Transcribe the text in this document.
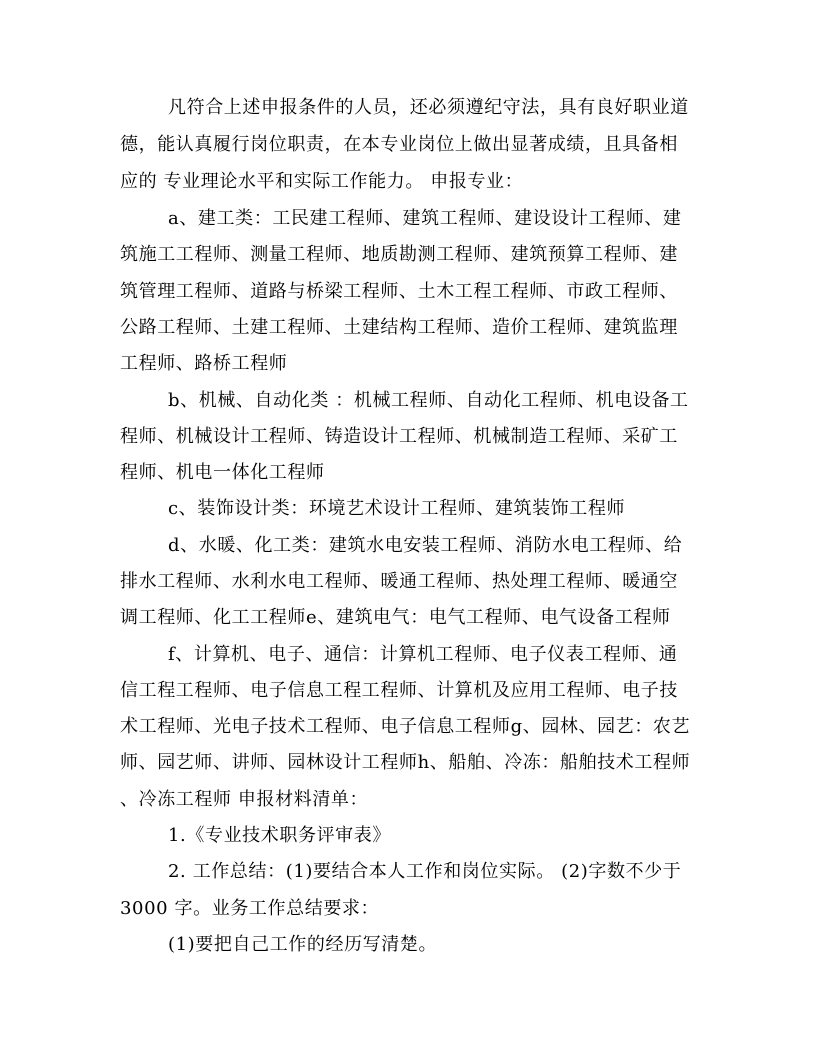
凡符合上述申报条件的人员，还必须遵纪守法，具有良好职业道
德，能认真履行岗位职责，在本专业岗位上做出显著成绩，且具备相
应的 专业理论水平和实际工作能力。 申报专业：
a、建工类：工民建工程师、建筑工程师、建设设计工程师、建
筑施工工程师、测量工程师、地质勘测工程师、建筑预算工程师、建
筑管理工程师、道路与桥梁工程师、土木工程工程师、市政工程师、
公路工程师、土建工程师、土建结构工程师、造价工程师、建筑监理
工程师、路桥工程师
b、机械、自动化类 ：机械工程师、自动化工程师、机电设备工
程师、机械设计工程师、铸造设计工程师、机械制造工程师、采矿工
程师、机电一体化工程师
c、装饰设计类：环境艺术设计工程师、建筑装饰工程师
d、水暖、化工类：建筑水电安装工程师、消防水电工程师、给
排水工程师、水利水电工程师、暖通工程师、热处理工程师、暖通空
调工程师、化工工程师e、建筑电气：电气工程师、电气设备工程师
f、计算机、电子、通信：计算机工程师、电子仪表工程师、通
信工程工程师、电子信息工程工程师、计算机及应用工程师、电子技
术工程师、光电子技术工程师、电子信息工程师g、园林、园艺：农艺
师、园艺师、讲师、园林设计工程师h、船舶、冷冻：船舶技术工程师
、冷冻工程师 申报材料清单：
1.《专业技术职务评审表》
2. 工作总结：(1)要结合本人工作和岗位实际。 (2)字数不少于
3000 字。业务工作总结要求：
(1)要把自己工作的经历写清楚。
